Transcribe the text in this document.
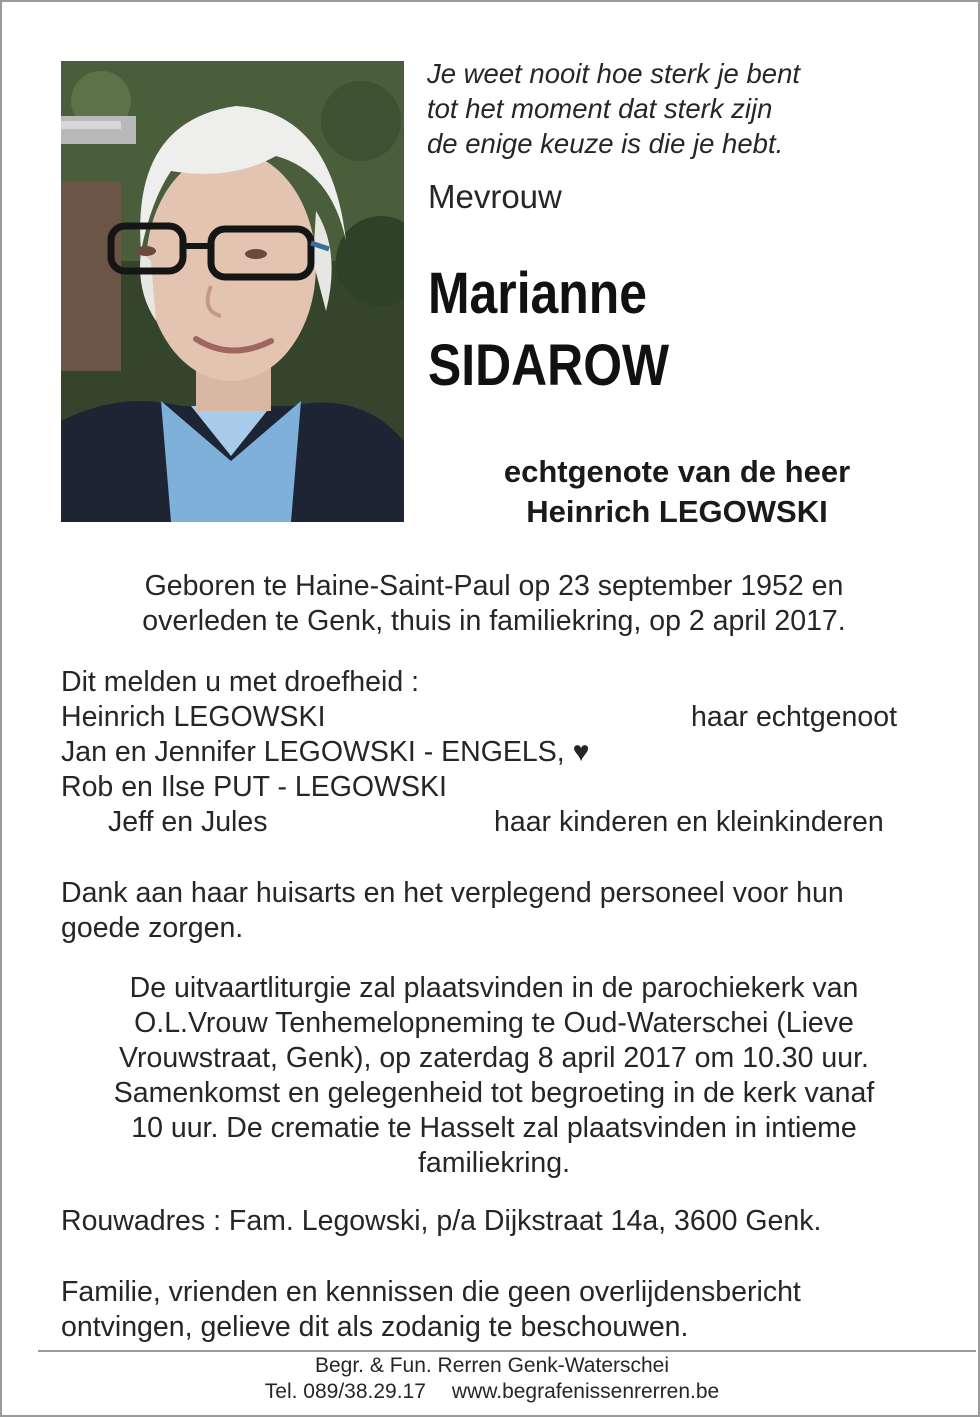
Je weet nooit hoe sterk je bent
tot het moment dat sterk zijn
de enige keuze is die je hebt.
Mevrouw
Marianne
SIDAROW
echtgenote van de heer
Heinrich LEGOWSKI
Geboren te Haine-Saint-Paul op 23 september 1952 en
overleden te Genk, thuis in familiekring, op 2 april 2017.
Dit melden u met droefheid :
Heinrich LEGOWSKI	haar echtgenoot
Jan en Jennifer LEGOWSKI - ENGELS, ♥
Rob en Ilse PUT - LEGOWSKI
Jeff en Jules	haar kinderen en kleinkinderen
Dank aan haar huisarts en het verplegend personeel voor hun
goede zorgen.
De uitvaartliturgie zal plaatsvinden in de parochiekerk van
O.L.Vrouw Tenhemelopneming te Oud-Waterschei (Lieve
Vrouwstraat, Genk), op zaterdag 8 april 2017 om 10.30 uur.
Samenkomst en gelegenheid tot begroeting in de kerk vanaf
10 uur. De crematie te Hasselt zal plaatsvinden in intieme
familiekring.
Rouwadres : Fam. Legowski, p/a Dijkstraat 14a, 3600 Genk.
Familie, vrienden en kennissen die geen overlijdensbericht
ontvingen, gelieve dit als zodanig te beschouwen.
Begr. & Fun. Rerren Genk-Waterschei
Tel. 089/38.29.17 www.begrafenissenrerren.be
